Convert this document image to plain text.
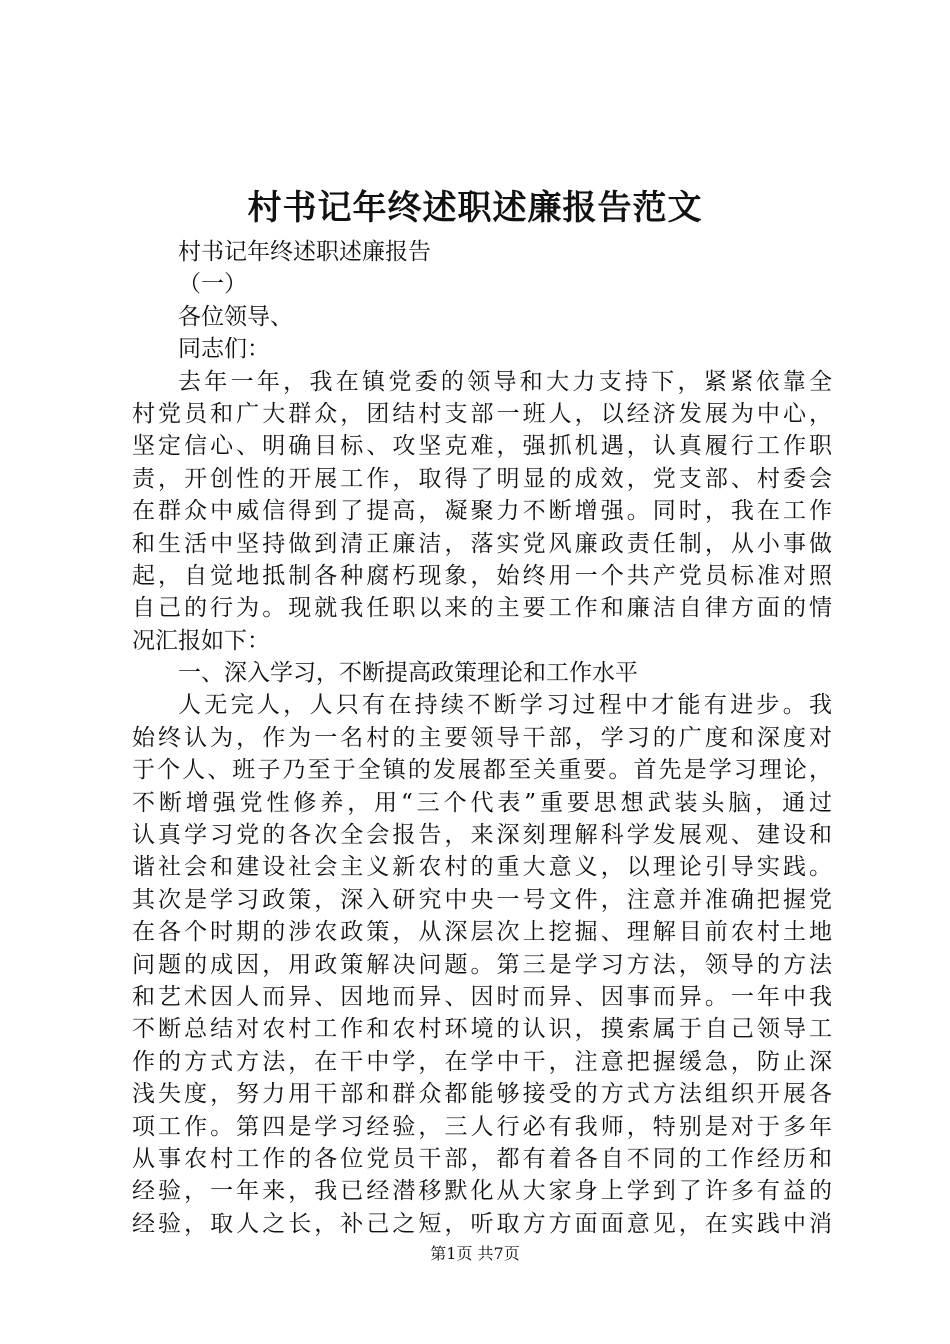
村书记年终述职述廉报告范文
村书记年终述职述廉报告
（一）
各位领导、
同志们：
去年一年，我在镇党委的领导和大力支持下，紧紧依靠全
村党员和广大群众，团结村支部一班人，以经济发展为中心，
坚定信心、明确目标、攻坚克难，强抓机遇，认真履行工作职
责，开创性的开展工作，取得了明显的成效，党支部、村委会
在群众中威信得到了提高，凝聚力不断增强。同时，我在工作
和生活中坚持做到清正廉洁，落实党风廉政责任制，从小事做
起，自觉地抵制各种腐朽现象，始终用一个共产党员标准对照
自己的行为。现就我任职以来的主要工作和廉洁自律方面的情
况汇报如下：
一、深入学习，不断提高政策理论和工作水平
人无完人，人只有在持续不断学习过程中才能有进步。我
始终认为，作为一名村的主要领导干部，学习的广度和深度对
于个人、班子乃至于全镇的发展都至关重要。首先是学习理论，
不断增强党性修养，用“三个代表”重要思想武装头脑，通过
认真学习党的各次全会报告，来深刻理解科学发展观、建设和
谐社会和建设社会主义新农村的重大意义，以理论引导实践。
其次是学习政策，深入研究中央一号文件，注意并准确把握党
在各个时期的涉农政策，从深层次上挖掘、理解目前农村土地
问题的成因，用政策解决问题。第三是学习方法，领导的方法
和艺术因人而异、因地而异、因时而异、因事而异。一年中我
不断总结对农村工作和农村环境的认识，摸索属于自己领导工
作的方式方法，在干中学，在学中干，注意把握缓急，防止深
浅失度，努力用干部和群众都能够接受的方式方法组织开展各
项工作。第四是学习经验，三人行必有我师，特别是对于多年
从事农村工作的各位党员干部，都有着各自不同的工作经历和
经验，一年来，我已经潜移默化从大家身上学到了许多有益的
经验，取人之长，补己之短，听取方方面面意见，在实践中消
第1页 共7页
